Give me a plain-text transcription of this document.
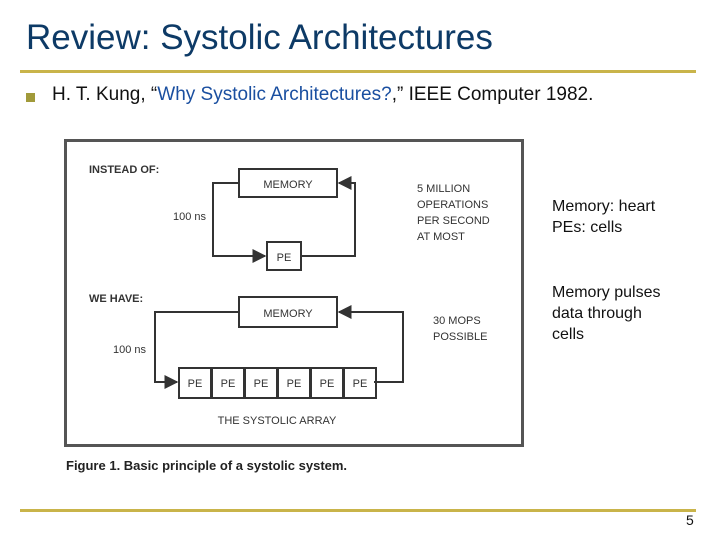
Review: Systolic Architectures
H. T. Kung, “Why Systolic Architectures?,” IEEE Computer 1982.
INSTEAD OF:
MEMORY
PE
100 ns
5 MILLION
OPERATIONS
PER SECOND
AT MOST
WE HAVE:
MEMORY
PE PE PE PE PE PE
100 ns
30 MOPS
POSSIBLE
THE SYSTOLIC ARRAY
Figure 1. Basic principle of a systolic system.
Memory: heart
PEs: cells
Memory pulses
data through
cells
5
